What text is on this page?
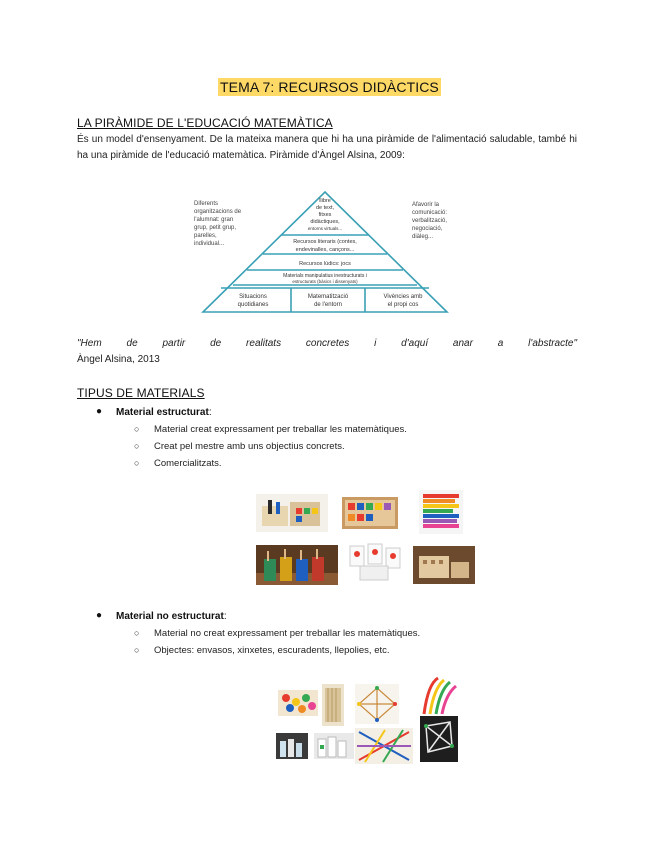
TEMA 7: RECURSOS DIDÀCTICS
LA PIRÀMIDE DE L'EDUCACIÓ MATEMÀTICA
És un model d'ensenyament. De la mateixa manera que hi ha una piràmide de l'alimentació saludable, també hi ha una piràmide de l'educació matemàtica. Piràmide d'Àngel Alsina, 2009:
Diferents
organitzacions de
l'alumnat: gran
grup, petit grup,
parelles,
individual...
Afavorir la
comunicació:
verbalització,
negociació,
diàleg...
llibre
de text,
fitxes
didàctiques,
entorns virtuals...
Recursos literaris (contes,
endevinalles, cançons...
Recursos lúdics: jocs
Materials manipulatius inestructurats i
estructurats (bàsics i dissenyats)
Situacions
quotidianes
Matematització
de l'entorn
Vivències amb
el propi cos
"Hem de partir de realitats concretes i d'aquí anar a l'abstracte"
Àngel Alsina, 2013
TIPUS DE MATERIALS
● Material estructurat:
○ Material creat expressament per treballar les matemàtiques.
○ Creat pel mestre amb uns objectius concrets.
○ Comercialitzats.
● Material no estructurat:
○ Material no creat expressament per treballar les matemàtiques.
○ Objectes: envasos, xinxetes, escuradents, llepolies, etc.
